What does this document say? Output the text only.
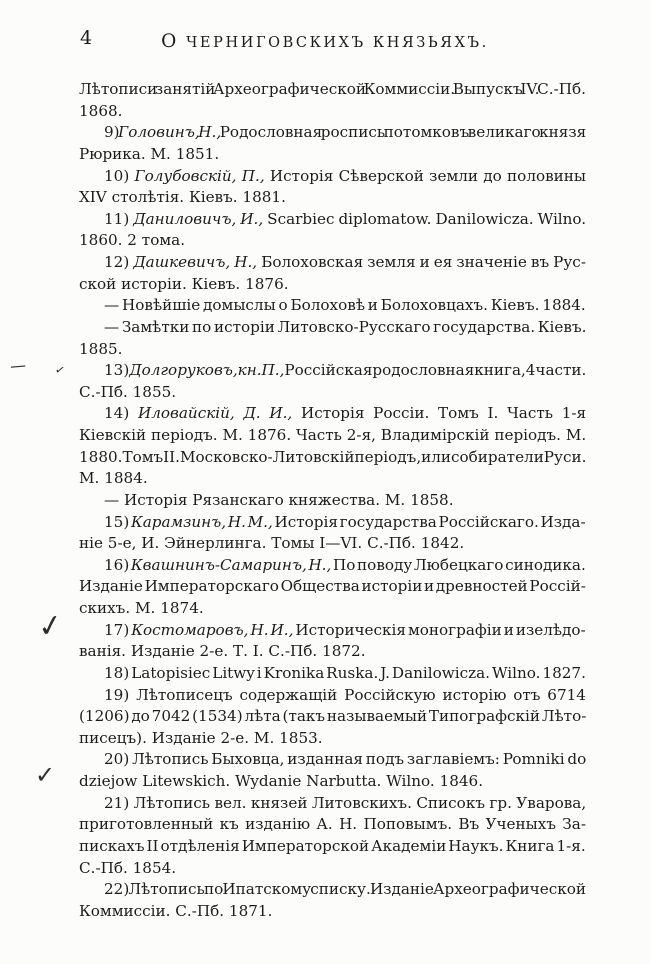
4	О ЧЕРНИГОВСКИХЪ КНЯЗЬЯХЪ.
Лѣтописи занятій Археографической Коммиссіи. Выпускъ IV. С.-Пб.
1868.
9) Головинъ, Н., Родословная роспись потомковъ великаго князя
Рюрика. М. 1851.
10) Голубовскій, П., Исторія Сѣверской земли до половины
XIV столѣтія. Кіевъ. 1881.
11) Даниловичъ, И., Scarbiec diplomatow. Danilowicza. Wilno.
1860. 2 тома.
12) Дашкевичъ, Н., Болоховская земля и ея значеніе въ Рус-
ской исторіи. Кіевъ. 1876.
— Новѣйшіе домыслы о Болоховѣ и Болоховцахъ. Кіевъ. 1884.
— Замѣтки по исторіи Литовско-Русскаго государства. Кіевъ.
1885.
13) Долгоруковъ, кн. П., Россійская родословная книга, 4 части.
С.-Пб. 1855.
14) Иловайскій, Д. И., Исторія Россіи. Томъ I. Часть 1-я
Кіевскій періодъ. М. 1876. Часть 2-я, Владимірскій періодъ. М.
1880. Томъ II. Московско-Литовскій періодъ, или собиратели Руси.
М. 1884.
— Исторія Рязанскаго княжества. М. 1858.
15) Карамзинъ, Н. М., Исторія государства Россійскаго. Изда-
ніе 5-е, И. Эйнерлинга. Томы I—VI. С.-Пб. 1842.
16) Квашнинъ-Самаринъ, Н., По поводу Любецкаго синодика.
Изданіе Императорскаго Общества исторіи и древностей Россій-
скихъ. М. 1874.
17) Костомаровъ, Н. И., Историческія монографіи и изелѣдо-
ванія. Изданіе 2-е. Т. I. С.-Пб. 1872.
18) Latopisiec Litwy i Kronika Ruska. J. Danilowicza. Wilno. 1827.
19) Лѣтописецъ содержащій Россійскую исторію отъ 6714
(1206) до 7042 (1534) лѣта (такъ называемый Типографскій Лѣто-
писецъ). Изданіе 2-е. М. 1853.
20) Лѣтопись Быховца, изданная подъ заглавіемъ: Pomniki do
dziejow Litewskich. Wydanie Narbutta. Wilno. 1846.
21) Лѣтопись вел. князей Литовскихъ. Списокъ гр. Уварова,
приготовленный къ изданію А. Н. Поповымъ. Въ Ученыхъ За-
пискахъ II отдѣленія Императорской Академіи Наукъ. Книга 1-я.
С.-Пб. 1854.
22) Лѣтопись по Ипатскому списку. Изданіе Археографической
Коммиссіи. С.-Пб. 1871.
— ✓
✓
✓
